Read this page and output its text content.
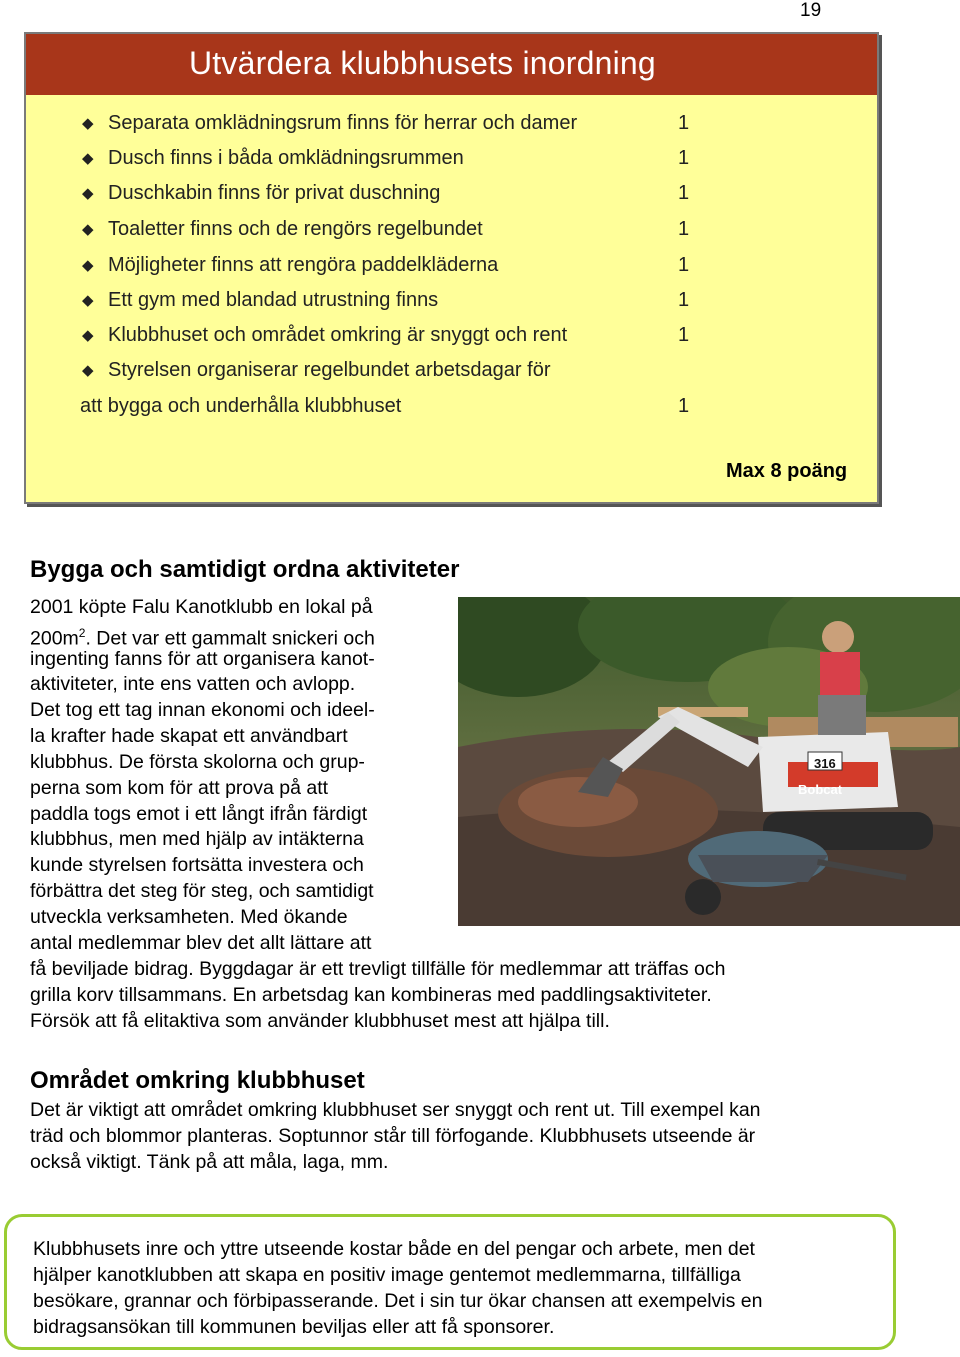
19
Utvärdera klubbhusets inordning
◆ Separata omklädningsrum finns för herrar och damer	1
◆ Dusch finns i båda omklädningsrummen	1
◆ Duschkabin finns för privat duschning	1
◆ Toaletter finns och de rengörs regelbundet	1
◆ Möjligheter finns att rengöra paddelkläderna	1
◆ Ett gym med blandad utrustning finns	1
◆ Klubbhuset och området omkring är snyggt och rent	1
◆ Styrelsen organiserar regelbundet arbetsdagar för
att bygga och underhålla klubbhuset	1
Max 8 poäng
Bygga och samtidigt ordna aktiviteter
2001 köpte Falu Kanotklubb en lokal på
$200m^2$. Det var ett gammalt snickeri och
ingenting fanns för att organisera kanot-
aktiviteter, inte ens vatten och avlopp.
Det tog ett tag innan ekonomi och ideel-
la krafter hade skapat ett användbart
klubbhus. De första skolorna och grup-
perna som kom för att prova på att
paddla togs emot i ett långt ifrån färdigt
klubbhus, men med hjälp av intäkterna
kunde styrelsen fortsätta investera och
förbättra det steg för steg, och samtidigt
utveckla verksamheten. Med ökande
antal medlemmar blev det allt lättare att
få beviljade bidrag. Byggdagar är ett trevligt tillfälle för medlemmar att träffas och
grilla korv tillsammans. En arbetsdag kan kombineras med paddlingsaktiviteter.
Försök att få elitaktiva som använder klubbhuset mest att hjälpa till.
316
Bobcat
Området omkring klubbhuset
Det är viktigt att området omkring klubbhuset ser snyggt och rent ut. Till exempel kan
träd och blommor planteras. Soptunnor står till förfogande. Klubbhusets utseende är
också viktigt. Tänk på att måla, laga, mm.
Klubbhusets inre och yttre utseende kostar både en del pengar och arbete, men det
hjälper kanotklubben att skapa en positiv image gentemot medlemmarna, tillfälliga
besökare, grannar och förbipasserande. Det i sin tur ökar chansen att exempelvis en
bidragsansökan till kommunen beviljas eller att få sponsorer.
